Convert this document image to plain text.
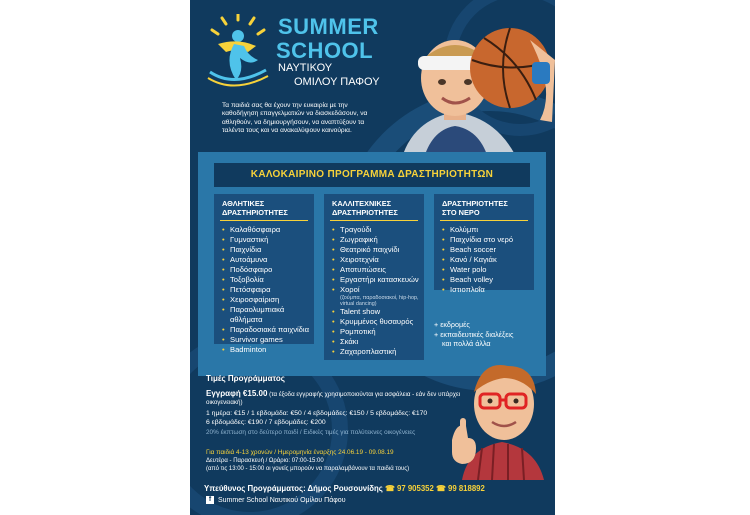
SUMMER
SCHOOL
ΝΑΥΤΙΚΟΥ
ΟΜΙΛΟΥ ΠΑΦΟΥ
Τα παιδιά σας θα έχουν την ευκαιρία με την καθοδήγηση επαγγελματιών να διασκεδάσουν, να αθληθούν, να δημιουργήσουν, να αναπτύξουν τα ταλέντα τους και να ανακαλύψουν καινούρια.
ΚΑΛΟΚΑΙΡΙΝΟ ΠΡΟΓΡΑΜΜΑ ΔΡΑΣΤΗΡΙΟΤΗΤΩΝ
ΑΘΛΗΤΙΚΕΣ
ΔΡΑΣΤΗΡΙΟΤΗΤΕΣ
• Καλαθόσφαιρα
• Γυμναστική
• Παιχνίδια
• Αυτοάμυνα
• Ποδόσφαιρο
• Τοξοβολία
• Πετόσφαιρα
• Χειροσφαίριση
• Παραολυμπιακά αθλήματα
• Παραδοσιακά παιχνίδια
• Survivor games
• Badminton
ΚΑΛΛΙΤΕΧΝΙΚΕΣ
ΔΡΑΣΤΗΡΙΟΤΗΤΕΣ
• Τραγούδι
• Ζωγραφική
• Θεατρικό παιχνίδι
• Χειροτεχνία
• Αποτυπώσεις
• Εργαστήρι κατασκευών
• Χοροί
(ζούμπα, παραδοσιακοί, hip-hop, virtual dancing)
• Talent show
• Κρυμμένος θυσαυρός
• Ρομποτική
• Σκάκι
• Ζαχαροπλαστική
ΔΡΑΣΤΗΡΙΟΤΗΤΕΣ
ΣΤΟ ΝΕΡΟ
• Κολύμπι
• Παιχνίδια στο νερό
• Beach soccer
• Κανό / Καγιάκ
• Water polo
• Beach volley
• Ιστιοπλοΐα
+ εκδρομές
+ εκπαιδευτικές διαλέξεις
και πολλά άλλα
Τιμές Προγράμματος
Εγγραφή €15.00 (τα έξοδα εγγραφής χρησιμοποιούνται για ασφάλεια - εάν δεν υπάρχει οικογενειακή)
1 ημέρα: €15 / 1 εβδομάδα: €50 / 4 εβδομάδες: €150 / 5 εβδομάδες: €170
6 εβδομάδες: €190 / 7 εβδομάδες: €200
20% έκπτωση στο δεύτερο παιδί / Ειδικές τιμές για πολύτεκνες οικογένειες
Για παιδιά 4-13 χρονών / Ημερομηνία έναρξης 24.06.19 - 09.08.19
Δευτέρα - Παρασκευή / Ωράριο: 07:00-15:00
(από τις 13:00 - 15:00 οι γονείς μπορούν να παραλαμβάνουν τα παιδιά τους)
Υπεύθυνος Προγράμματος: Δήμος Ρουσουνίδης ☎ 97 905352 ☎ 99 818892
f Summer School Ναυτικού Ομίλου Πάφου
